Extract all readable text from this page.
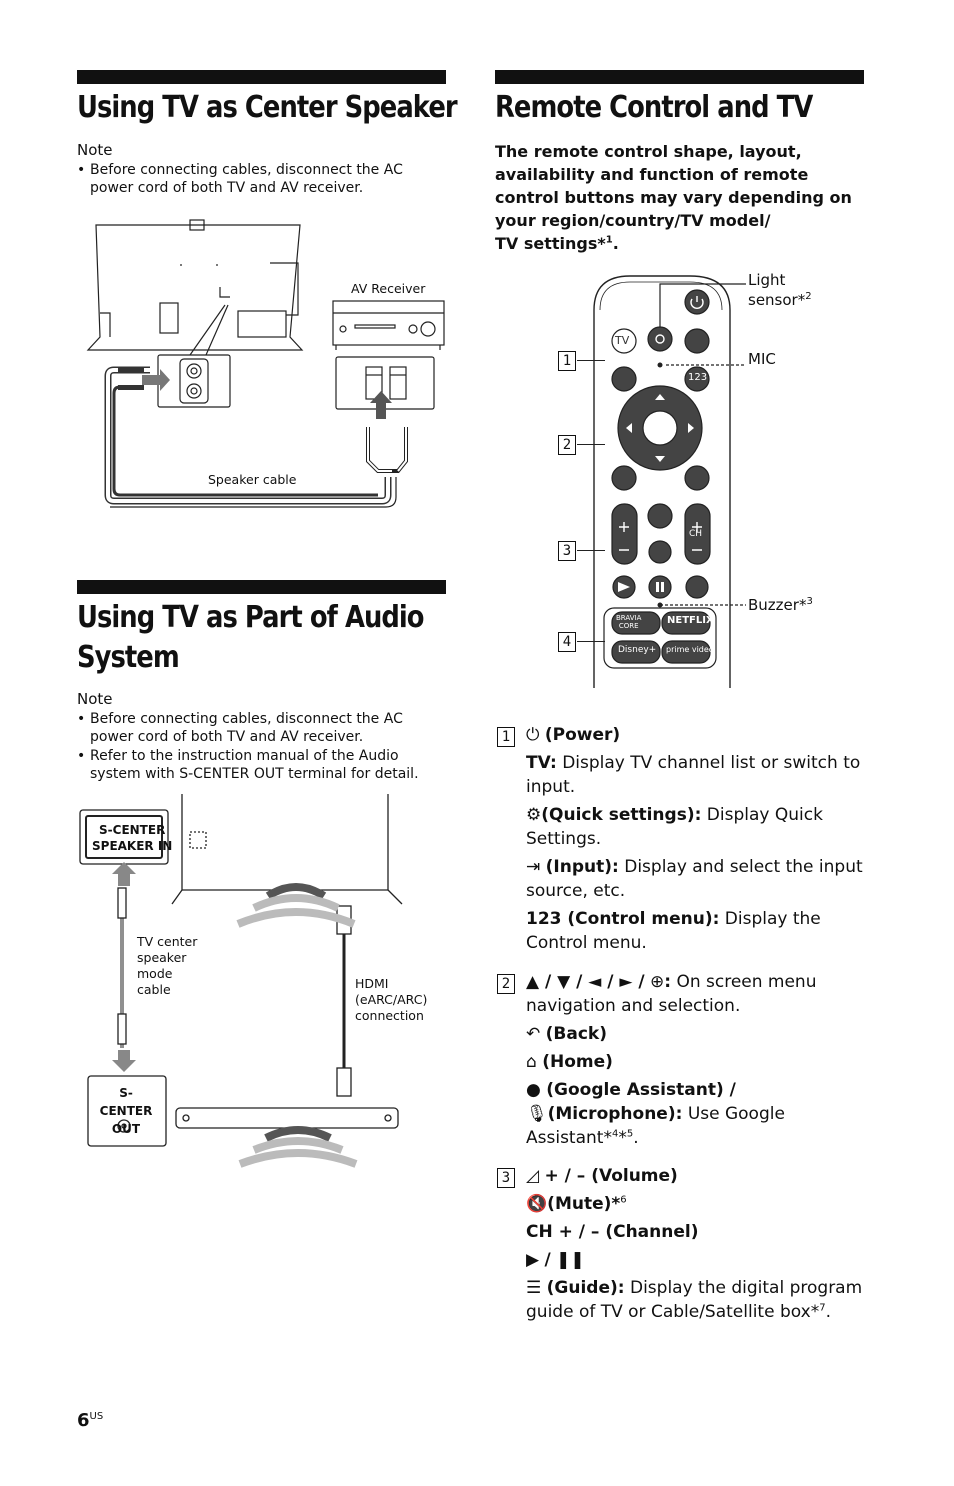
Using TV as Center Speaker
Note
• Before connecting cables, disconnect the AC power cord of both TV and AV receiver.
AV Receiver
Speaker cable
Using TV as Part of Audio
System
Note
• Before connecting cables, disconnect the AC power cord of both TV and AV receiver.
• Refer to the instruction manual of the Audio system with S-CENTER OUT terminal for detail.
S-CENTER
SPEAKER IN
S-CENTER
OUT
TV center
speaker
mode
cable	HDMI
(eARC/ARC)
connection
Remote Control and TV
The remote control shape, layout,
availability and function of remote
control buttons may vary depending on
your region/country/TV model/
TV settings*$^1$.
TV
123
CH
BRAVIA
CORE	NETFLIX
Disney+ prime video
1
2
3
4
Light
sensor*$^2$
MIC
Buzzer*$^3$
1 ⏻ (Power)
TV: Display TV channel list or switch to input.
⚙(Quick settings): Display Quick Settings.
⇥ (Input): Display and select the input source, etc.
123 (Control menu): Display the Control menu.
2 ▲ / ▼ / ◄ / ► / ⊕: On screen menu navigation and selection.
↶ (Back)
⌂ (Home)
● (Google Assistant) /
🎙(Microphone): Use Google Assistant*$^4$*$^5$.
3 ◿ + / – (Volume)
🔇(Mute)*$^6$
CH + / – (Channel)
▶ / ❚❚
☰ (Guide): Display the digital program guide of TV or Cable/Satellite box*$^7$.
$6^{US}$
